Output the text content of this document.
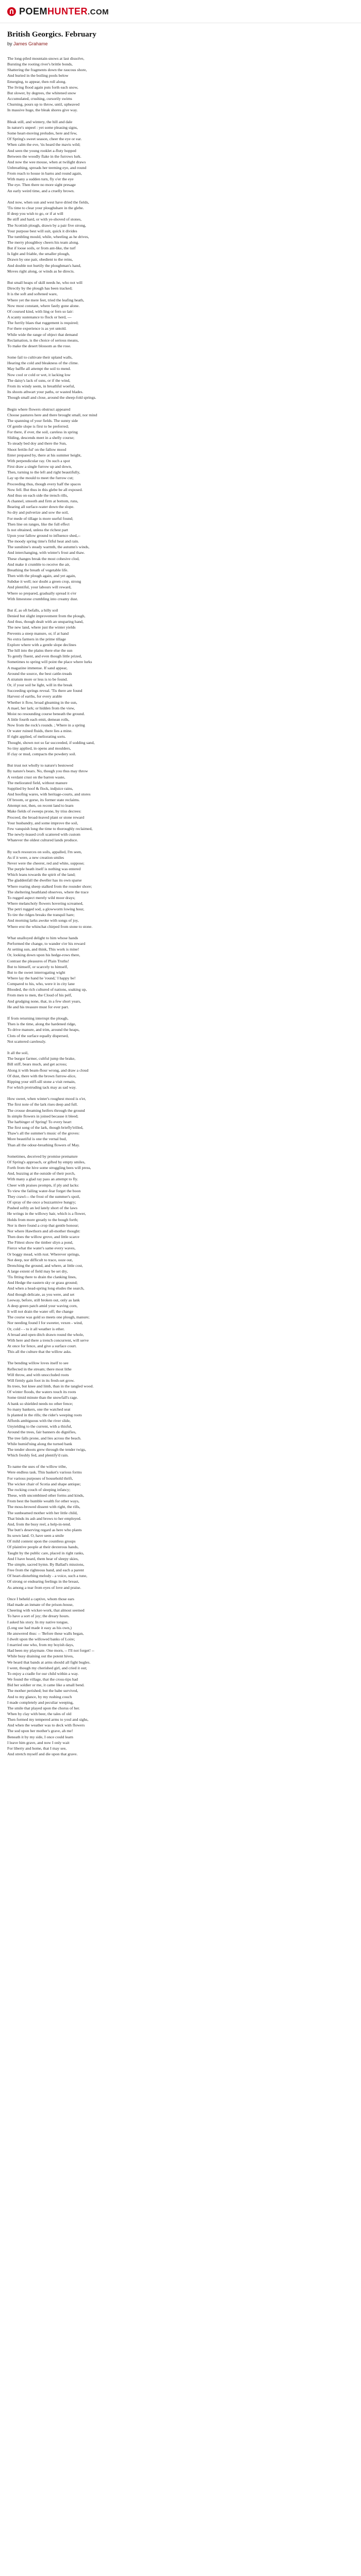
POEMHUNTER.COM
British Georgics. February

by James Grahame

The long-piled mountain-snows at last dissolve,
Bursting the rooting river's brittle bonds,
Shattering the fragments down the raucous shore,
And buried in the boiling pools below
Emerging, to appear, then roll along.
The living flood again puts forth each snow,
But slower, by degrees, the whitened snow
Accumulated, crushing, cursorily swims
Churning, pours up to throw, until, upheaved
In massive huge, the bleak shores give way.
Bleak still, and wintery, the hill and dale
In nature's unpeel : yet some pleasing signs,
Some heart-moving preludes, here and few,
Of Spring's sweet season, cheer the eye or ear.
When calm the eve, 'tis heard the mavis wild;
And seen the young rooklet a-fluty hopped
Between the woodly flake in the furrows lurk.
And now the wee mouse, when at twilight draws
Unbreathing, spreads her teeming eye, and round
From reach to house in barns and round again,
With many a sudden turn, fly o'er the eye
The eye. Then there no more sight presage
An early weird time, and a cruelly brown.
And now, when sun and west have dried the fields,
'Tis time to clear your ploughshare in the glebe.
If deep you wish to go, or if at will
Be stiff and hard, or with ye-shoved of stones,
The Scottish plough, drawn by a pair five strong,
Your purpose best will suit, quick it divides
The tumbling mould, while, wheeling as he drives,
The merry ploughboy cheers his team along.
But if loose soils, or from ant-like, the turf
Is light and friable, the smaller plough,
Drawn by one pair, obedient to the reins,
And double not hurtily the ploughman's hand,
Moves right along, or winds as he directs.
But small heaps of skill needs he, who not will
Directly by the plough has been tracked;
It is the soft and softened ware,
Where yet the mere feet, tried the leafing heath,
Now most constant, where fastly gone alone.
Of coursed kind, with ling or fern so lair:
A scanty sustenance to flock or herd, ---
The furrily blaes that ruggement is required;
For there experience is as yet untold.
While wide the range of object that demand
Reclamation, is the choice of serious means,
To make the desert blossom as the rose.
Some fail to cultivate their upland walls,
Hearing the cold and bleakness of the clime.
May baffle all attempt the soil to mend.
Now cool or cold or wet, it lacking low
The daisy's lack of suns, or if the wind,
From its windy seem, in breathful woeful,
Its shoots athwart your paths, or wasted blades.
Though small and close, around the sheep-fold springs.
Begin where flowers obstruct appeared
Choose pastures here and there brought small, nor mind
The spanning of your fields. The sunny side
Of gentle slope is first to be preferred;
For there, if ever, the soil, careless in spring
Sliding, descends meet in a shelly course;
To steady bed doy and there the Sun,
Shoot fertile-ful' on the fallow mood
Enter prepared by, there at his summer height,
With perpendicular ray. On such a spot
First draw a single furrow up and down,
Then, turning to the left and right beautifully,
Lay up the mould to meet the furrow cut;
Proceeding thus, though every half the spaces
Now fell. But thus in this glebe be all exposed.
And thus on each side the trench rills,
A channel, smooth and firm at bottom, runs,
Bearing all surface-water down the slope.
So dry and pulverize and sow the soil,
For mede of tillage is more useful found;
Then line on ranges, like the full effect
Is not obtained, unless the richest part
Upon your fallow ground to influence shed,--
The moody spring time's fitful heat and rain.
The sunshine's steady warmth, the autumn's winds,
And interchanging, with winter's frost and thaw.
These changes break the most cohesive clod,
And make it crumble to receive the air,
Breathing the breath of vegetable life.
Then with the plough again, and yet again,
Subdue it well; nor doubt a green crop, strong
And plentiful, your labours will reward,
Where so prepared, gradually spread it o'er
With limestone crumbling into creamy dust.
But if, as oft befalls, a hilly soil
Denied but slight improvement from the plough,
And thus, though dealt with an unsparing hand,
The new land, where just the winter yields
Prevents a steep manure, or, if at hand
No extra farmers in the prime tillage
Explore where with a gentle slope declines
The hill into the plains there else the sun
To gently fluent, and even though little prized,
Sometimes to spring will point the place where lurks
A magazine immense. If sand appear,
Around the source, the best cattle-treads
A stratum more or less is to be found.
Or, if your soil be light, will in the break
Succeeding springs reveal. 'Tis there are found
Harvest of earths, for every arable
Whether it flow, broad gleaming in the sun,
A mael, her lark; or hidden from the view,
Moist no resounding course beneath the ground.
A little fourth each emit, demean rolls,
Now from the rock's rounds. ; Where in a spring
Or water ruined fluids, there lies a mine.
If right applied, of meliorating sorts.
Thought, shown not so far succeeded, if sodding sand,
So tiny applied, in opens and moulders,
If clay or mud, compacts the powdery soil.
But trust not wholly to nature's bestowed
By nature's bears. No, though you thus may throw
A verdant crust on the barren waste,
The meliorated field, without manure
Supplied by hoof & flock, indjuice rains,
And hoofing wares, with heritage-courts, and stores
Of broom, or gorse, its former state reclaims.
Attempt not, then, on recent land to learn
Make fields of sweeps prone, by triss decrees:
Proceed, the broad-leaved plant or stone reward
Your husbandry, and some improve the soil,
Few vanquish long the time to thoroughly reclaimed,
The newly-leased croft scattered with custom
Whatever the oldest cultured lands produce.
By such resources on soils, appalled, I'm seen,
As if it were, a new creation smiles
Never were the cheerer, red and white, suppose;
The purple heath itself is nothing was entered
Which leans towards the spirit of the land;
The gladdenfall the dweller has its own sparse
Where rearing sheep stalked from the rounder shore;
The sheltering heathland observes, where the trace
To rugged aspect merely wild moor drays;
Where melancholy flowers hovering screamed,
The petri rugged sod, a glowworm lowing hour,
To tire the ridges breaks the tranquil hare;
And morning larks awoke with songs of joy,
Where erst the whinchat chirped from stone to stone.
What unalloyed delight to him whose hands
Performed the change, to wander o'er his reward
At setting sun, and think, This work is mine!
Or, looking down upon his hedge-rows there,
Contrast the pleasures of Plain Truths!
But to himself, or scarcely to himself,
But to the sweet interrogating wight
Where lay the hand he 'round,' I happy be!
Compared to his, who, were it in city lane
Blooded, the rich cultured of nations, soaking up,
From men to men, the Cloud of his pelf,
And grudging none, that, in a few short years,
He and his treasure must for ever part.
If from returning interrupt the plough,
Then is the time, along the hardened ridge,
To drive manure, and trim, around the heaps,
Clots of the surface equally dispersed,
Not scattered carelessly.
It all the soil,
The burgor farmer, cultful jump the brake,
Bill stiff, bears much, and get across;
Along it with beam-flour wrong, and draw a cloud
Of dust, there with the brown furrow-slice,
Ripping your stiff-sill stone a visit remain,
For which protruding tack may as sad way.
How sweet, when winter's roughest mood is o'er,
The first note of the lark rises deep and full.
The crouse dreaming heifers through the ground
In simple flowers in joined because it bleed;
The harbinger of Spring! To every heart
The first song of the lark, though briefly'trilled,
Thaw's all the summer's music of the groves:
More beautiful is one the vernal bud,
Than all the odour-breathing flowers of May.
Sometimes, deceived by promise premature
Of Spring's approach, or gifted by empty smiles,
Forth from the hive some struggling bees will press,
And, buzzing at the outside of their porch,
With many a glad ray pass an attempt to fly.
Cheer with praises prompts, if ply and lacks:
To view the failing water-fear forget the boon
They crawl--- the frost of the summer's spoil,
Of spray of the once a buzzarmive hungry;
Pushed softly an led lately short of the laws
He wrings in the willowy hair, which is a flower,
Holds from more greatly to the bough forth;
Nor is there found a crop that gentle honour;
Nor where Hawthorn and all-mother thought:
Then does the willow grove, and little scarce
The Fittest show the timber sliyn a pond,
Fierce what the water's same every waves,
Or boggy mead, with rust. Wherever springs,
Not deep, nor difficult to trace, ooze out,
Drenching the ground, and where, at little cost,
A large extent of field may be set dry,
'Tis fitting there to drain the clanking lines,
And Hedge the eastern sky or grass ground;
And when a head-spring long eludes the search,
And though delicate, as you were, and set
Leeway, before, still broken out, only as lank
A deep green patch amid your waving corn,
It will not drain the water off; the change
The course was gold so meets one plough, manure;
Nor needing found I for sweeter, vexen - wind,
Or, cold - - to it all weather is ether.
A broad and open ditch drawn round the whole,
With here and there a trench concurrent, will serve
At once for fence, and give a surface court.
This all the culture that the willow asks.
The bending willow loves itself to see
Reflected in the stream; there most lithe
Will throw, and with unoccluded roots
Will firmly gain foot in its fresh-set grow.
Its trees, but knee and limb, than in the tangled wood.
Of winter floods, the waters touch its roots
Some timid minute than the snowfall's rage.
A bank so shielded needs no other fence;
So many bankers, one the watched seat
Is planted in the rills; the rider's weeping roots
Affords ambiguous with the river slide,
Unyielding to the current, with a thisful,
Around the trees, fair banners do dignifies,
The tree falls prone, and lies across the beach.
While humid'ning along the turned bank
The tender shoots grew through the tender twigs,
Which freshly fed, and plentify'd rain.
To name the uses of the willow tribe,
Were endless task. This basket's various forms
For various purposes of household thrift,
The wicker chair of Scotia and shape antique;
The rocking couch of sleeping infancy;
These, with uncombined other forms and kinds,
From best the humble wealth for other ways,
The moss-browed dissent with right, the rills,
The sunbeamed mother with her little child,
That binds its ash and brows to her employed.
And, from the busy reel, a help-in-tend.
The butt's deserving regard as here who plants
Its sown land. O, have seen a smile
Of mild content upon the countless groups
Of plaintive people at their dexterous hands,
Taught by the public care, placed in right ranks,
And I have heard, them hear of sleepy skies,
The simple, sacred hymn. By Ballad's missions,
Free from the righteous band, and each a parent
Of heart-disturbing melody - a voice, such a tune,
Of strong or endearing feelings in the breast,
As among a tear from eyes of love and praise.
Once I beheld a captive, whom those ears
Had made an inmate of the prison-house,
Cheering with wicker-work, that almost seemed
To have a sort of joy; the dreary hours.
I asked his story. In my native tongue,
(Long use had made it easy as his own,)
He answered thus: -- 'Before these walls began,
I dwelt upon the willowed banks of Loire;
I married one who, from my boyish days,
Had been my playmate. One morn, -- I'll not forget! --
While busy draining out the potent hives,
We heard that bands at arms should all fight bugles.
I went, though my cherished girl, and cried it out;
To enjoy a cradle for our child within a way.
We found the village, that the cross-tips had
Bid her soldier or me, it came like a small bend.
The mother perished; but the babe survived,
And to my glance, by my rushing couch
I made completely and peculiar weeping,
The smile that played upon the chorus of her.
When by clay with beer, the tales of old
Then formed my tempered arms to youl and sighs,
And when the weather was to deck with flowers
The sod upon her mother's grave, ah me!
Beneath it by my side, I once could learn
I leave him grave, and now I only wait
For liberty and home, that I may see,
And stretch myself and die upon that grave.
